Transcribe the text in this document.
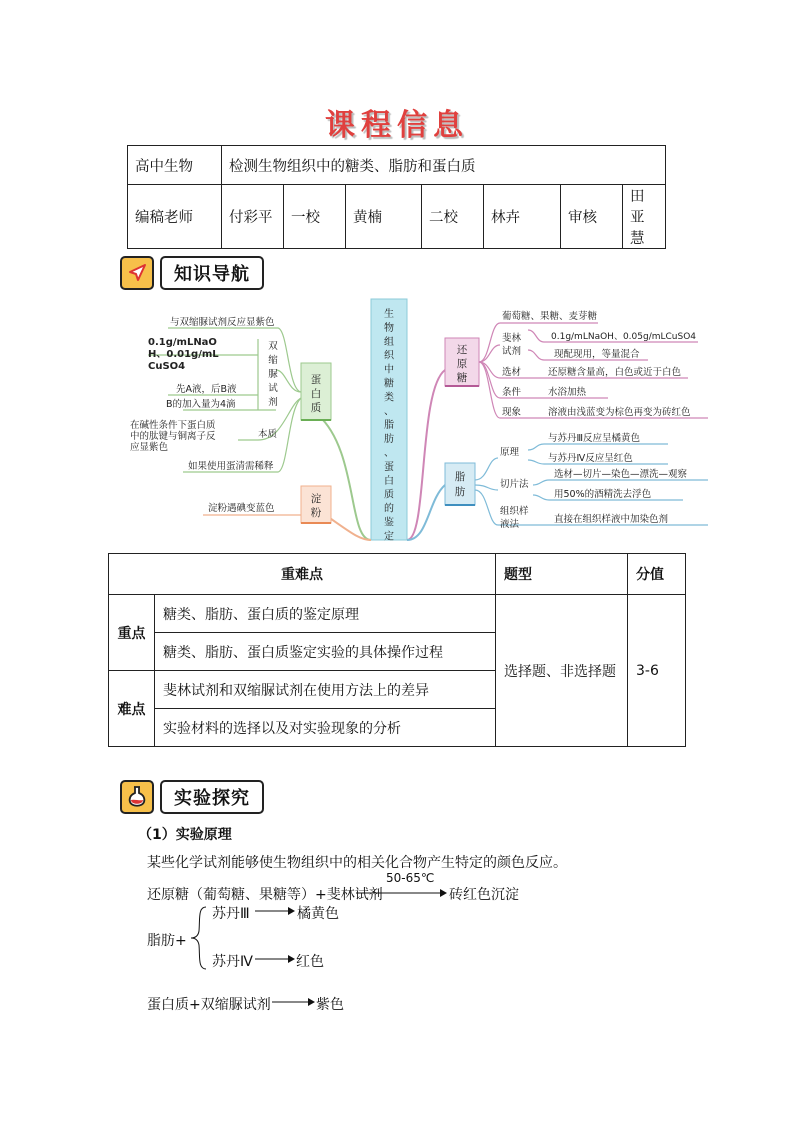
课程信息
高中生物	检测生物组织中的糖类、脂肪和蛋白质						
编稿老师	付彩平	一校	黄楠	二校	林卉	审核	田亚慧
知识导航
生物组织中糖类、脂肪、蛋白质的鉴定
蛋白质
与双缩脲试剂反应显紫色
0.1g/mLNaO
H、0.01g/mL
CuSO4
双缩脲试剂
先A液，后B液
B的加入量为4滴
在碱性条件下蛋白质
中的肽键与铜离子反
应显紫色
本质
如果使用蛋清需稀释
淀粉
淀粉遇碘变蓝色
还原糖
葡萄糖、果糖、麦芽糖
斐林
试剂
0.1g/mLNaOH、0.05g/mLCuSO4
现配现用，等量混合
选材	还原糖含量高，白色或近于白色
条件	水浴加热
现象	溶液由浅蓝变为棕色再变为砖红色
脂肪
原理
与苏丹Ⅲ反应呈橘黄色
与苏丹Ⅳ反应呈红色
切片法
选材—切片—染色—漂洗—观察
用50%的酒精洗去浮色
组织样
液法	直接在组织样液中加染色剂
重难点		题型	分值
重点	糖类、脂肪、蛋白质的鉴定原理	选择题、非选择题	3-6
	糖类、脂肪、蛋白质鉴定实验的具体操作过程		
难点	斐林试剂和双缩脲试剂在使用方法上的差异		
	实验材料的选择以及对实验现象的分析		
实验探究
（1）实验原理
某些化学试剂能够使生物组织中的相关化合物产生特定的颜色反应。
还原糖（葡萄糖、果糖等）+斐林试剂
50-65℃
砖红色沉淀
脂肪+
苏丹Ⅲ → 橘黄色
苏丹Ⅳ → 红色
蛋白质+双缩脲试剂 → 紫色
